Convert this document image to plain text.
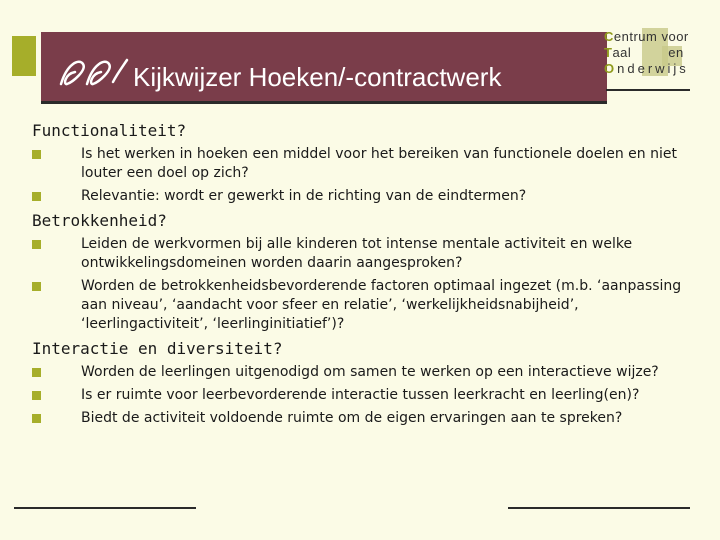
Kijkwijzer Hoeken/-contractwerk
Centrum voor
Taal         en
Onderwijs

Functionaliteit?

Is het werken in hoeken een middel voor het bereiken van functionele doelen en niet louter een doel op zich?
Relevantie: wordt er gewerkt in de richting van de eindtermen?

Betrokkenheid?

Leiden de werkvormen bij alle kinderen tot intense mentale activiteit en welke ontwikkelingsdomeinen worden daarin aangesproken?
Worden de betrokkenheidsbevorderende factoren optimaal ingezet (m.b. ‘aanpassing aan niveau’, ‘aandacht voor sfeer en relatie’, ‘werkelijkheidsnabijheid’, ‘leerlingactiviteit’, ‘leerlinginitiatief’)?

Interactie en diversiteit?

Worden de leerlingen uitgenodigd om samen te werken op een interactieve wijze?
Is er ruimte voor leerbevorderende interactie tussen leerkracht en leerling(en)?
Biedt de activiteit voldoende ruimte om de eigen ervaringen aan te spreken?
